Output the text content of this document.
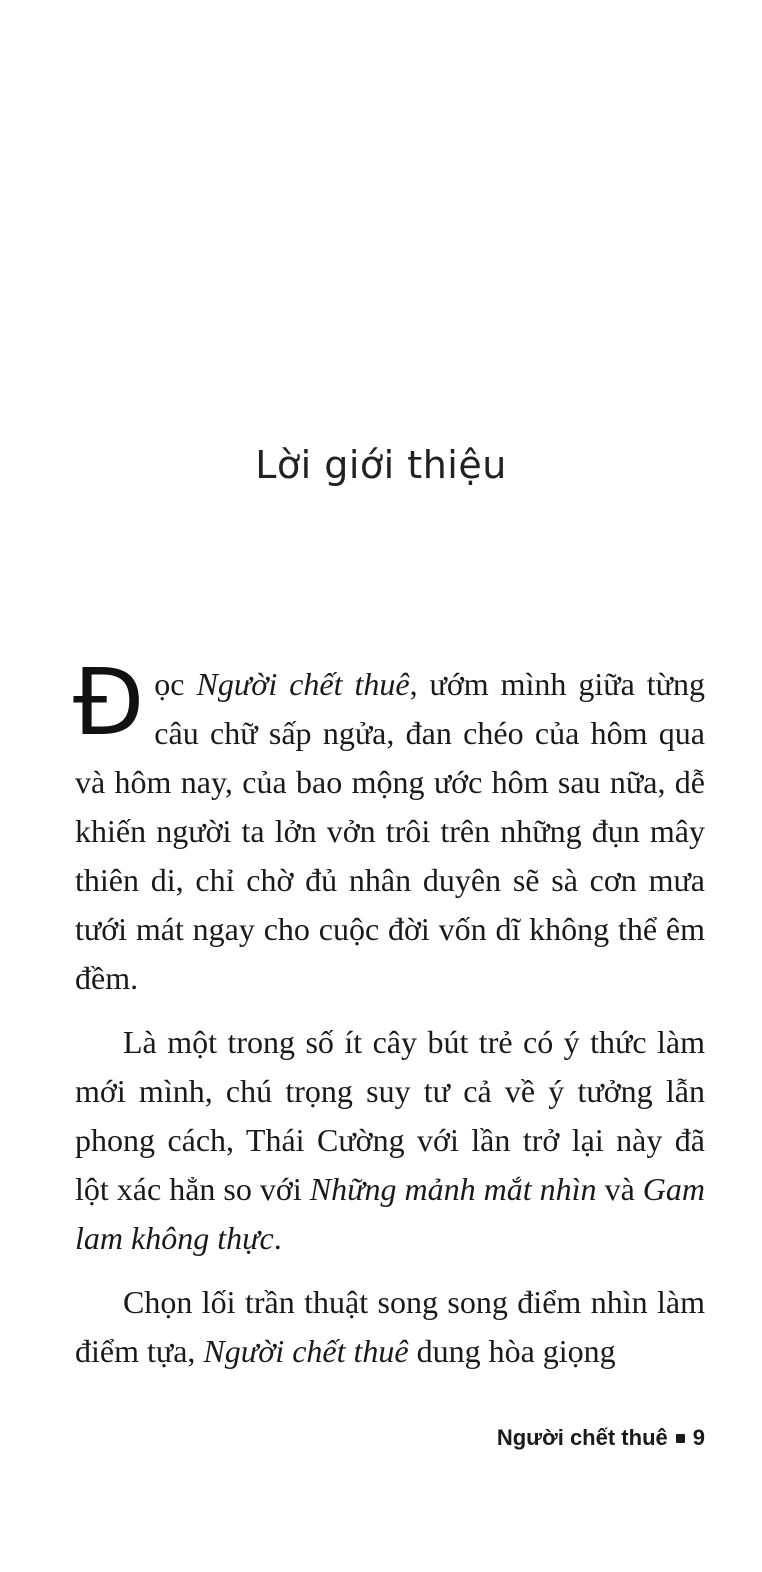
Lời giới thiệu

Đọc Người chết thuê, ướm mình giữa từng câu chữ sấp ngửa, đan chéo của hôm qua và hôm nay, của bao mộng ước hôm sau nữa, dễ khiến người ta lởn vởn trôi trên những đụn mây thiên di, chỉ chờ đủ nhân duyên sẽ sà cơn mưa tưới mát ngay cho cuộc đời vốn dĩ không thể êm đềm.

Là một trong số ít cây bút trẻ có ý thức làm mới mình, chú trọng suy tư cả về ý tưởng lẫn phong cách, Thái Cường với lần trở lại này đã lột xác hẳn so với Những mảnh mắt nhìn và Gam lam không thực.

Chọn lối trần thuật song song điểm nhìn làm điểm tựa, Người chết thuê dung hòa giọng

Người chết thuê 9
